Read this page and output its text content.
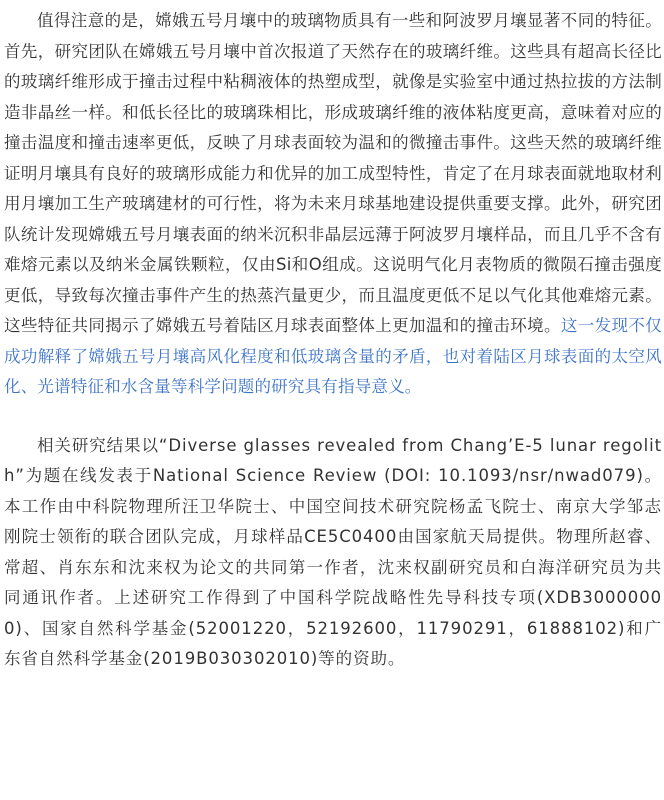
值得注意的是，嫦娥五号月壤中的玻璃物质具有一些和阿波罗月壤显著不同的特征。首先，研究团队在嫦娥五号月壤中首次报道了天然存在的玻璃纤维。这些具有超高长径比的玻璃纤维形成于撞击过程中粘稠液体的热塑成型，就像是实验室中通过热拉拔的方法制造非晶丝一样。和低长径比的玻璃珠相比，形成玻璃纤维的液体粘度更高，意味着对应的撞击温度和撞击速率更低，反映了月球表面较为温和的微撞击事件。这些天然的玻璃纤维证明月壤具有良好的玻璃形成能力和优异的加工成型特性，肯定了在月球表面就地取材利用月壤加工生产玻璃建材的可行性，将为未来月球基地建设提供重要支撑。此外，研究团队统计发现嫦娥五号月壤表面的纳米沉积非晶层远薄于阿波罗月壤样品，而且几乎不含有难熔元素以及纳米金属铁颗粒，仅由Si和O组成。这说明气化月表物质的微陨石撞击强度更低，导致每次撞击事件产生的热蒸汽量更少，而且温度更低不足以气化其他难熔元素。这些特征共同揭示了嫦娥五号着陆区月球表面整体上更加温和的撞击环境。这一发现不仅成功解释了嫦娥五号月壤高风化程度和低玻璃含量的矛盾，也对着陆区月球表面的太空风化、光谱特征和水含量等科学问题的研究具有指导意义。

相关研究结果以“Diverse glasses revealed from Chang’E-5 lunar regolith”为题在线发表于National Science Review (DOI: 10.1093/nsr/nwad079)。本工作由中科院物理所汪卫华院士、中国空间技术研究院杨孟飞院士、南京大学邹志刚院士领衔的联合团队完成，月球样品CE5C0400由国家航天局提供。物理所赵睿、常超、肖东东和沈来权为论文的共同第一作者，沈来权副研究员和白海洋研究员为共同通讯作者。上述研究工作得到了中国科学院战略性先导科技专项(XDB30000000)、国家自然科学基金(52001220，52192600，11790291，61888102)和广东省自然科学基金(2019B030302010)等的资助。
